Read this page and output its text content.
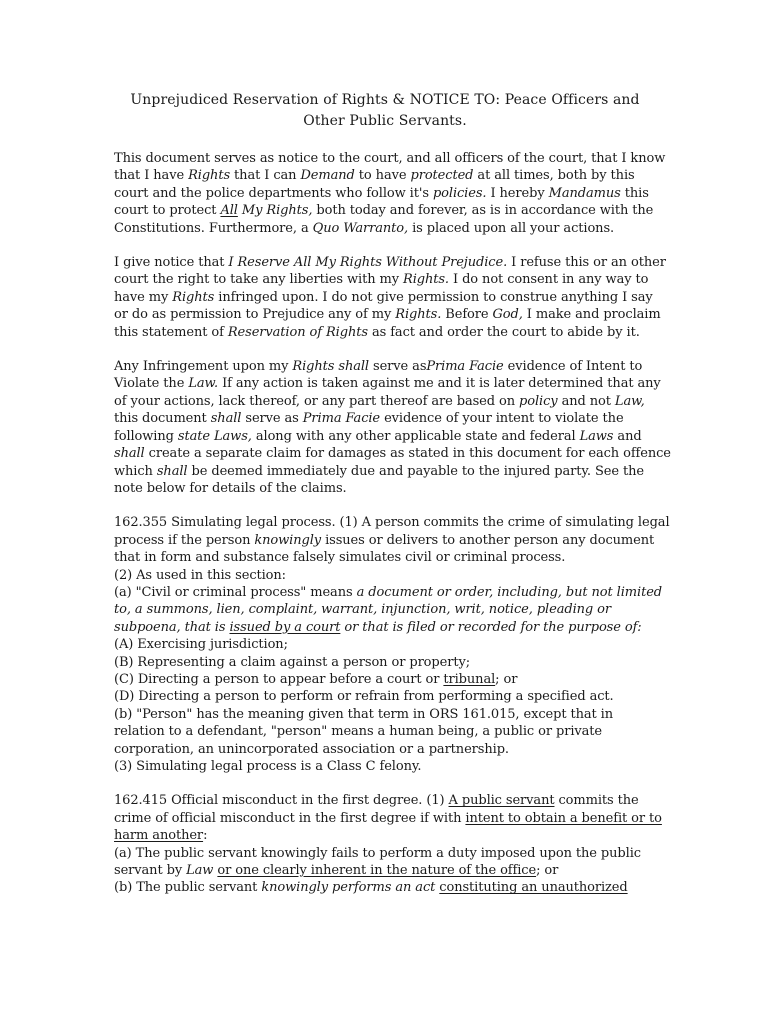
Unprejudiced Reservation of Rights & NOTICE TO: Peace Officers and
Other Public Servants.
This document serves as notice to the court, and all officers of the court, that I know
that I have Rights that I can Demand to have protected at all times, both by this
court and the police departments who follow it's policies. I hereby Mandamus this
court to protect All My Rights, both today and forever, as is in accordance with the
Constitutions. Furthermore, a Quo Warranto, is placed upon all your actions.
I give notice that I Reserve All My Rights Without Prejudice. I refuse this or an other
court the right to take any liberties with my Rights. I do not consent in any way to
have my Rights infringed upon. I do not give permission to construe anything I say
or do as permission to Prejudice any of my Rights. Before God, I make and proclaim
this statement of Reservation of Rights as fact and order the court to abide by it.
Any Infringement upon my Rights shall serve asPrima Facie evidence of Intent to
Violate the Law. If any action is taken against me and it is later determined that any
of your actions, lack thereof, or any part thereof are based on policy and not Law,
this document shall serve as Prima Facie evidence of your intent to violate the
following state Laws, along with any other applicable state and federal Laws and
shall create a separate claim for damages as stated in this document for each offence
which shall be deemed immediately due and payable to the injured party. See the
note below for details of the claims.
162.355 Simulating legal process. (1) A person commits the crime of simulating legal
process if the person knowingly issues or delivers to another person any document
that in form and substance falsely simulates civil or criminal process.
(2) As used in this section:
(a) "Civil or criminal process" means a document or order, including, but not limited
to, a summons, lien, complaint, warrant, injunction, writ, notice, pleading or
subpoena, that is issued by a court or that is filed or recorded for the purpose of:
(A) Exercising jurisdiction;
(B) Representing a claim against a person or property;
(C) Directing a person to appear before a court or tribunal; or
(D) Directing a person to perform or refrain from performing a specified act.
(b) "Person" has the meaning given that term in ORS 161.015, except that in
relation to a defendant, "person" means a human being, a public or private
corporation, an unincorporated association or a partnership.
(3) Simulating legal process is a Class C felony.
162.415 Official misconduct in the first degree. (1) A public servant commits the
crime of official misconduct in the first degree if with intent to obtain a benefit or to
harm another:
(a) The public servant knowingly fails to perform a duty imposed upon the public
servant by Law or one clearly inherent in the nature of the office; or
(b) The public servant knowingly performs an act constituting an unauthorized
